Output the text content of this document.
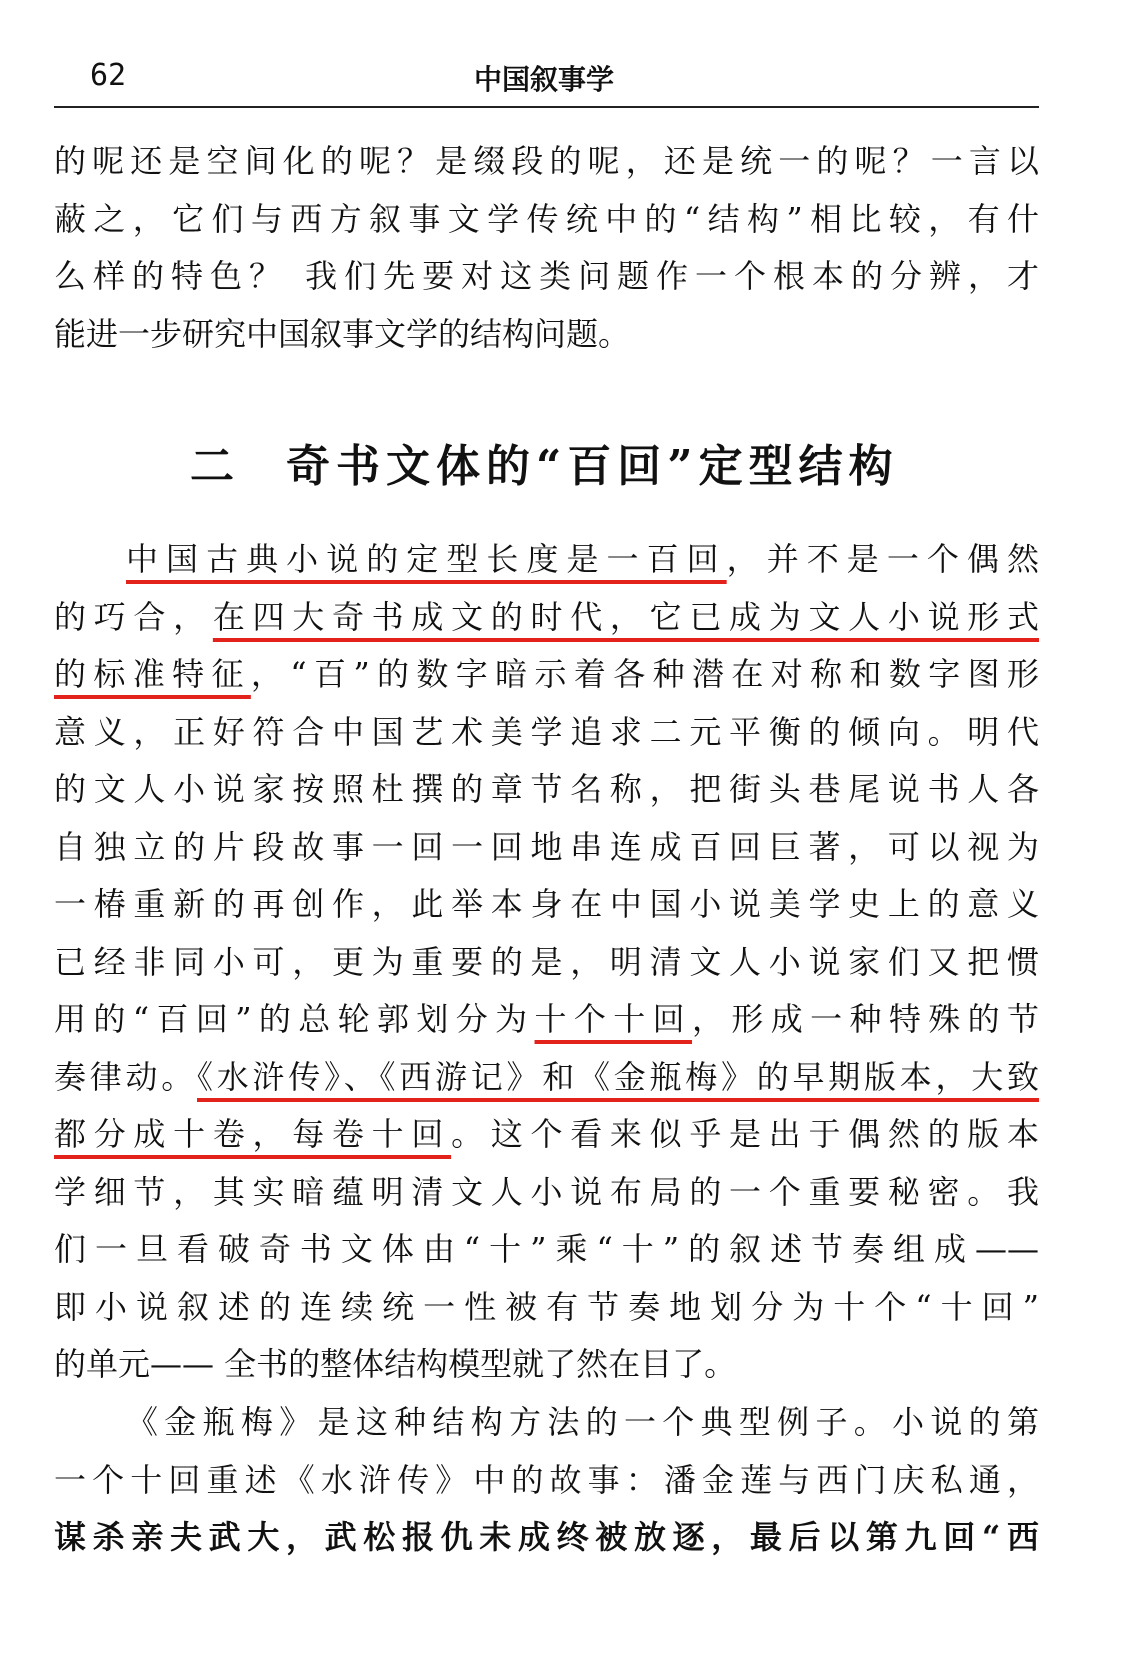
62	中国叙事学
的呢还是空间化的呢？是缀段的呢，还是统一的呢？一言以
蔽之，它们与西方叙事文学传统中的“结构”相比较，有什
么样的特色？ 我们先要对这类问题作一个根本的分辨，才
能进一步研究中国叙事文学的结构问题。
二 奇书文体的“百回”定型结构
中国古典小说的定型长度是一百回，并不是一个偶然
的巧合，在四大奇书成文的时代，它已成为文人小说形式
的标准特征，“百”的数字暗示着各种潜在对称和数字图形
意义，正好符合中国艺术美学追求二元平衡的倾向。明代
的文人小说家按照杜撰的章节名称，把街头巷尾说书人各
自独立的片段故事一回一回地串连成百回巨著，可以视为
一椿重新的再创作，此举本身在中国小说美学史上的意义
已经非同小可，更为重要的是，明清文人小说家们又把惯
用的“百回”的总轮郭划分为十个十回，形成一种特殊的节
奏律动。《水浒传》、《西游记》和《金瓶梅》的早期版本，大致
都分成十卷，每卷十回。这个看来似乎是出于偶然的版本
学细节，其实暗蕴明清文人小说布局的一个重要秘密。我
们一旦看破奇书文体由“十”乘“十”的叙述节奏组成——
即小说叙述的连续统一性被有节奏地划分为十个“十回”
的单元—— 全书的整体结构模型就了然在目了。
《金瓶梅》是这种结构方法的一个典型例子。小说的第
一个十回重述《水浒传》中的故事：潘金莲与西门庆私通，
谋杀亲夫武大，武松报仇未成终被放逐，最后以第九回“西
